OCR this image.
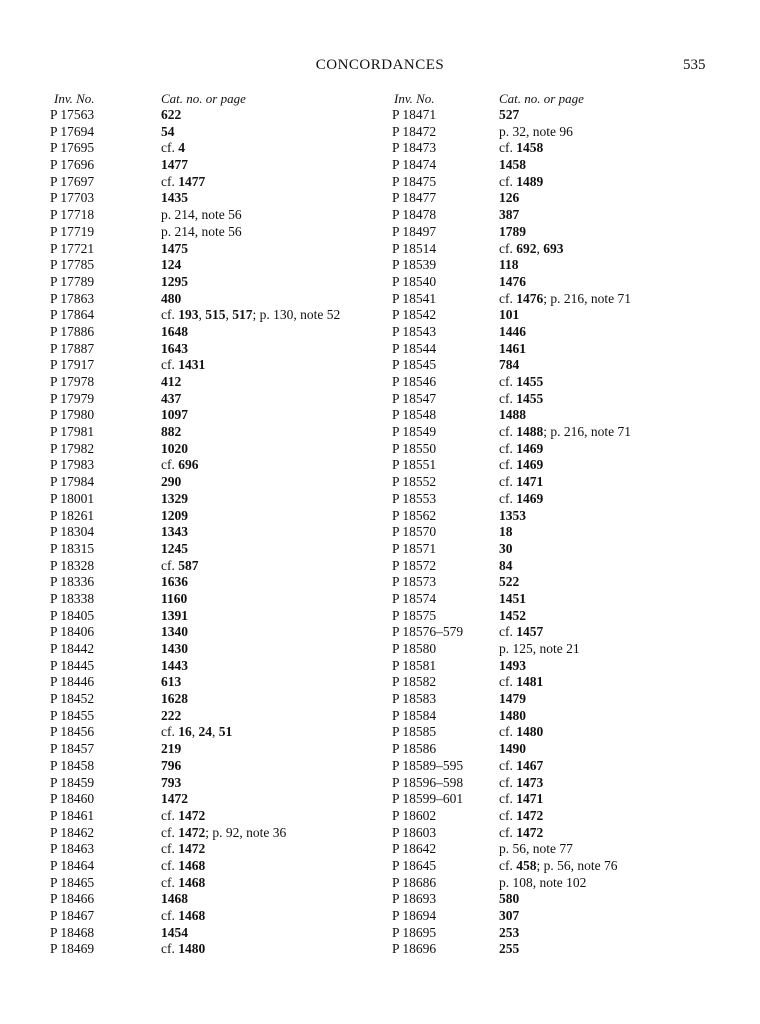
CONCORDANCES	535
Inv. No.	Cat. no. or page
P 17563	622
P 17694	54
P 17695	cf. 4
P 17696	1477
P 17697	cf. 1477
P 17703	1435
P 17718	p. 214, note 56
P 17719	p. 214, note 56
P 17721	1475
P 17785	124
P 17789	1295
P 17863	480
P 17864	cf. 193, 515, 517; p. 130, note 52
P 17886	1648
P 17887	1643
P 17917	cf. 1431
P 17978	412
P 17979	437
P 17980	1097
P 17981	882
P 17982	1020
P 17983	cf. 696
P 17984	290
P 18001	1329
P 18261	1209
P 18304	1343
P 18315	1245
P 18328	cf. 587
P 18336	1636
P 18338	1160
P 18405	1391
P 18406	1340
P 18442	1430
P 18445	1443
P 18446	613
P 18452	1628
P 18455	222
P 18456	cf. 16, 24, 51
P 18457	219
P 18458	796
P 18459	793
P 18460	1472
P 18461	cf. 1472
P 18462	cf. 1472; p. 92, note 36
P 18463	cf. 1472
P 18464	cf. 1468
P 18465	cf. 1468
P 18466	1468
P 18467	cf. 1468
P 18468	1454
P 18469	cf. 1480
Inv. No.	Cat. no. or page
P 18471	527
P 18472	p. 32, note 96
P 18473	cf. 1458
P 18474	1458
P 18475	cf. 1489
P 18477	126
P 18478	387
P 18497	1789
P 18514	cf. 692, 693
P 18539	118
P 18540	1476
P 18541	cf. 1476; p. 216, note 71
P 18542	101
P 18543	1446
P 18544	1461
P 18545	784
P 18546	cf. 1455
P 18547	cf. 1455
P 18548	1488
P 18549	cf. 1488; p. 216, note 71
P 18550	cf. 1469
P 18551	cf. 1469
P 18552	cf. 1471
P 18553	cf. 1469
P 18562	1353
P 18570	18
P 18571	30
P 18572	84
P 18573	522
P 18574	1451
P 18575	1452
P 18576–579	cf. 1457
P 18580	p. 125, note 21
P 18581	1493
P 18582	cf. 1481
P 18583	1479
P 18584	1480
P 18585	cf. 1480
P 18586	1490
P 18589–595	cf. 1467
P 18596–598	cf. 1473
P 18599–601	cf. 1471
P 18602	cf. 1472
P 18603	cf. 1472
P 18642	p. 56, note 77
P 18645	cf. 458; p. 56, note 76
P 18686	p. 108, note 102
P 18693	580
P 18694	307
P 18695	253
P 18696	255
